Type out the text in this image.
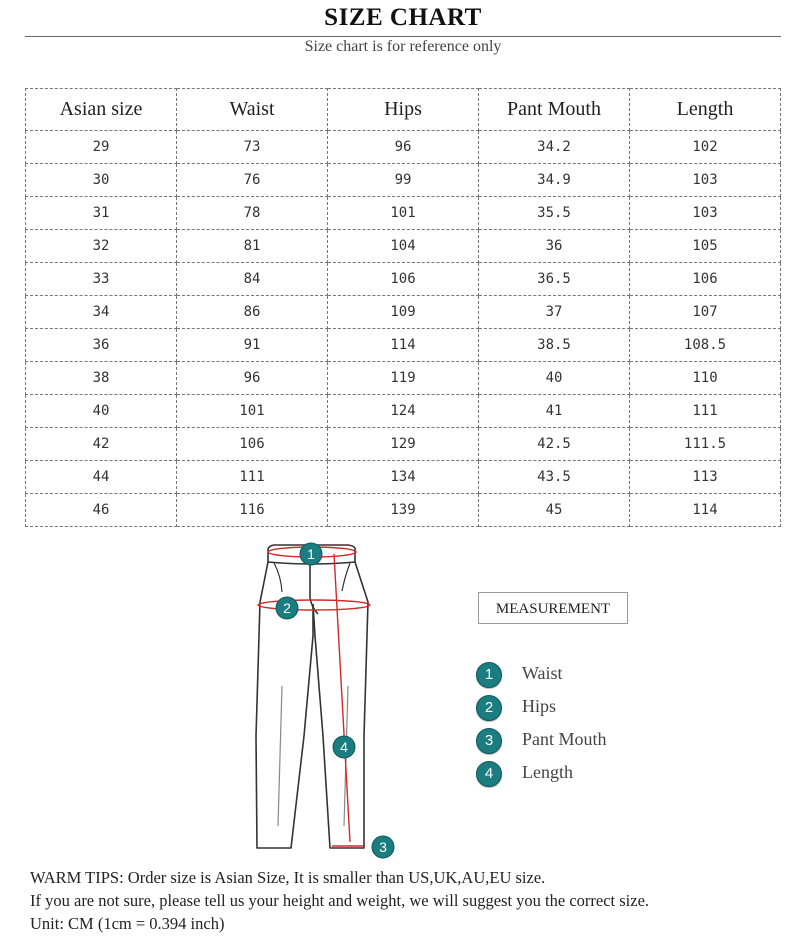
SIZE CHART
Size chart is for reference only
Asian size	Waist	Hips	Pant Mouth	Length
29	73	96	34.2	102
30	76	99	34.9	103
31	78	101	35.5	103
32	81	104	36	105
33	84	106	36.5	106
34	86	109	37	107
36	91	114	38.5	108.5
38	96	119	40	110
40	101	124	41	111
42	106	129	42.5	111.5
44	111	134	43.5	113
46	116	139	45	114
1
2
3
4
MEASUREMENT
1	Waist
2	Hips
3	Pant Mouth
4	Length
WARM TIPS: Order size is Asian Size, It is smaller than US,UK,AU,EU size.
If you are not sure, please tell us your height and weight, we will suggest you the correct size.
Unit: CM (1cm = 0.394 inch)
